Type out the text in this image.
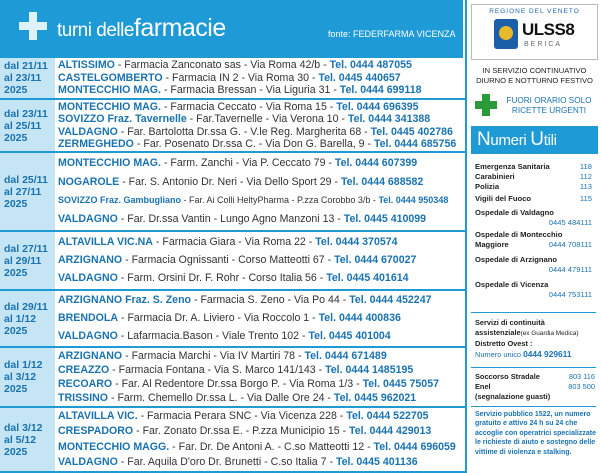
turni dellefarmacie	fonte: FEDERFARMA VICENZA
dal 21/11
al 23/11
2025
ALTISSIMO - Farmacia Zanconato sas - Via Roma 42/b - Tel. 0444 487055
CASTELGOMBERTO - Farmacia IN 2 - Via Roma 30 - Tel. 0445 440657
MONTECCHIO MAG. - Farmacia Bressan - Via Liguria 31 - Tel. 0444 699118
dal 23/11
al 25/11
2025
MONTECCHIO MAG. - Farmacia Ceccato - Via Roma 15 - Tel. 0444 696395
SOVIZZO Fraz. Tavernelle - Far.Tavernelle - Via Verona 10 - Tel. 0444 341388
VALDAGNO - Far. Bartolotta Dr.ssa G. - V.le Reg. Margherita 68 - Tel. 0445 402786
ZERMEGHEDO - Far. Posenato Dr.ssa C. - Via Don G. Barella, 9 - Tel. 0444 685756
dal 25/11
al 27/11
2025
MONTECCHIO MAG. - Farm. Zanchi - Via P. Ceccato 79 - Tel. 0444 607399
NOGAROLE - Far. S. Antonio Dr. Neri - Via Dello Sport 29 - Tel. 0444 688582
SOVIZZO Fraz. Gambugliano - Far. Ai Colli HeltyPharma - P.zza Corobbo 3/b - Tel. 0444 950348
VALDAGNO - Far. Dr.ssa Vantin - Lungo Agno Manzoni 13 - Tel. 0445 410099
dal 27/11
al 29/11
2025
ALTAVILLA VIC.NA - Farmacia Giara - Via Roma 22 - Tel. 0444 370574
ARZIGNANO - Farmacia Ognissanti - Corso Matteotti 67 - Tel. 0444 670027
VALDAGNO - Farm. Orsini Dr. F. Rohr - Corso Italia 56 - Tel. 0445 401614
dal 29/11
al 1/12
2025
ARZIGNANO Fraz. S. Zeno - Farmacia S. Zeno - Via Po 44 - Tel. 0444 452247
BRENDOLA - Farmacia Dr. A. Liviero - Via Roccolo 1 - Tel. 0444 400836
VALDAGNO - Lafarmacia.Bason - Viale Trento 102 - Tel. 0445 401004
dal 1/12
al 3/12
2025
ARZIGNANO - Farmacia Marchi - Via IV Martiri 78 - Tel. 0444 671489
CREAZZO - Farmacia Fontana - Via S. Marco 141/143 - Tel. 0444 1485195
RECOARO - Far. Al Redentore Dr.ssa Borgo P. - Via Roma 1/3 - Tel. 0445 75057
TRISSINO - Farm. Chemello Dr.ssa L. - Via Dalle Ore 24 - Tel. 0445 962021
dal 3/12
al 5/12
2025
ALTAVILLA VIC. - Farmacia Perara SNC - Via Vicenza 228 - Tel. 0444 522705
CRESPADORO - Far. Zonato Dr.ssa E. - P.zza Municipio 15 - Tel. 0444 429013
MONTECCHIO MAGG. - Far. Dr. De Antoni A. - C.so Matteotti 12 - Tel. 0444 696059
VALDAGNO - Far. Aquila D'oro Dr. Brunetti - C.so Italia 7 - Tel. 0445 401136
REGIONE DEL VENETO
ULSS8
BERICA
IN SERVIZIO CONTINUATIVO
DIURNO E NOTTURNO FESTIVO
FUORI ORARIO SOLO
RICETTE URGENTI
Numeri Utili
Emergenza Sanitaria	118
Carabinieri	112
Polizia	113
Vigili del Fuoco	115
Ospedale di Valdagno
0445 484111
Ospedale di Montecchio Maggiore	0444 708111
Ospedale di Arzignano
0444 479111
Ospedale di Vicenza
0444 753111
Servizi di continuità
assistenziale(ex Guardia Medica)
Distretto Ovest :
Numero unico 0444 929611
Soccorso Stradale	803 116
Enel	803 500
(segnalazione guasti)
Servizio pubblico 1522, un numero gratuito e attivo 24 h su 24 che accoglie con operatrici specializzate le richieste di aiuto e sostegno delle vittime di violenza e stalking.
